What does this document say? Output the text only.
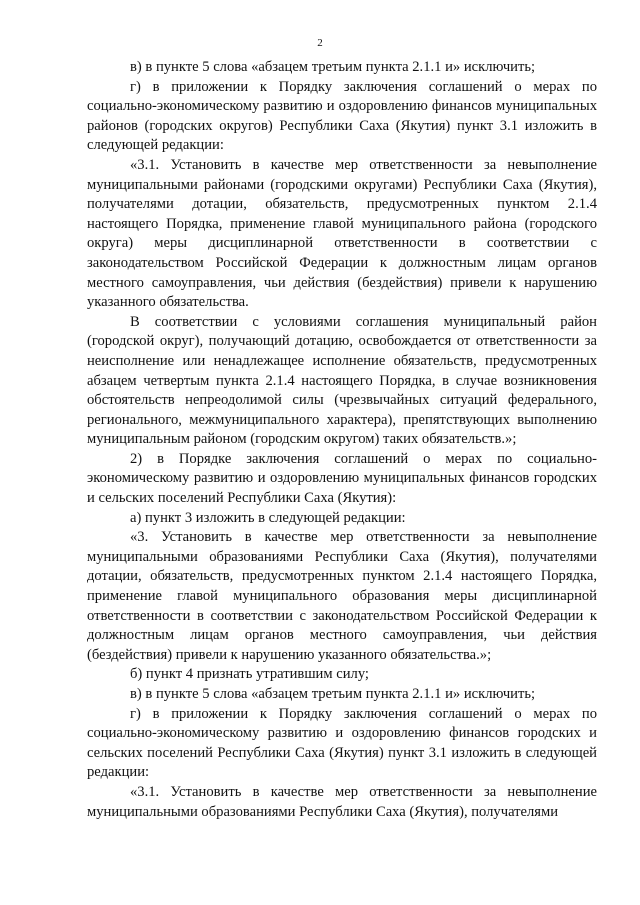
2

в) в пункте 5 слова «абзацем третьим пункта 2.1.1 и» исключить;

г) в приложении к Порядку заключения соглашений о мерах по социально-экономическому развитию и оздоровлению финансов муниципальных районов (городских округов) Республики Саха (Якутия) пункт 3.1 изложить в следующей редакции:

«3.1. Установить в качестве мер ответственности за невыполнение муниципальными районами (городскими округами) Республики Саха (Якутия), получателями дотации, обязательств, предусмотренных пунктом 2.1.4 настоящего Порядка, применение главой муниципального района (городского округа) меры дисциплинарной ответственности в соответствии с законодательством Российской Федерации к должностным лицам органов местного самоуправления, чьи действия (бездействия) привели к нарушению указанного обязательства.

В соответствии с условиями соглашения муниципальный район (городской округ), получающий дотацию, освобождается от ответственности за неисполнение или ненадлежащее исполнение обязательств, предусмотренных абзацем четвертым пункта 2.1.4 настоящего Порядка, в случае возникновения обстоятельств непреодолимой силы (чрезвычайных ситуаций федерального, регионального, межмуниципального характера), препятствующих выполнению муниципальным районом (городским округом) таких обязательств.»;

2) в Порядке заключения соглашений о мерах по социально-экономическому развитию и оздоровлению муниципальных финансов городских и сельских поселений Республики Саха (Якутия):

а) пункт 3 изложить в следующей редакции:

«3. Установить в качестве мер ответственности за невыполнение муниципальными образованиями Республики Саха (Якутия), получателями дотации, обязательств, предусмотренных пунктом 2.1.4 настоящего Порядка, применение главой муниципального образования меры дисциплинарной ответственности в соответствии с законодательством Российской Федерации к должностным лицам органов местного самоуправления, чьи действия (бездействия) привели к нарушению указанного обязательства.»;

б) пункт 4 признать утратившим силу;

в) в пункте 5 слова «абзацем третьим пункта 2.1.1 и» исключить;

г) в приложении к Порядку заключения соглашений о мерах по социально-экономическому развитию и оздоровлению финансов городских и сельских поселений Республики Саха (Якутия) пункт 3.1 изложить в следующей редакции:

«3.1. Установить в качестве мер ответственности за невыполнение муниципальными образованиями Республики Саха (Якутия), получателями
